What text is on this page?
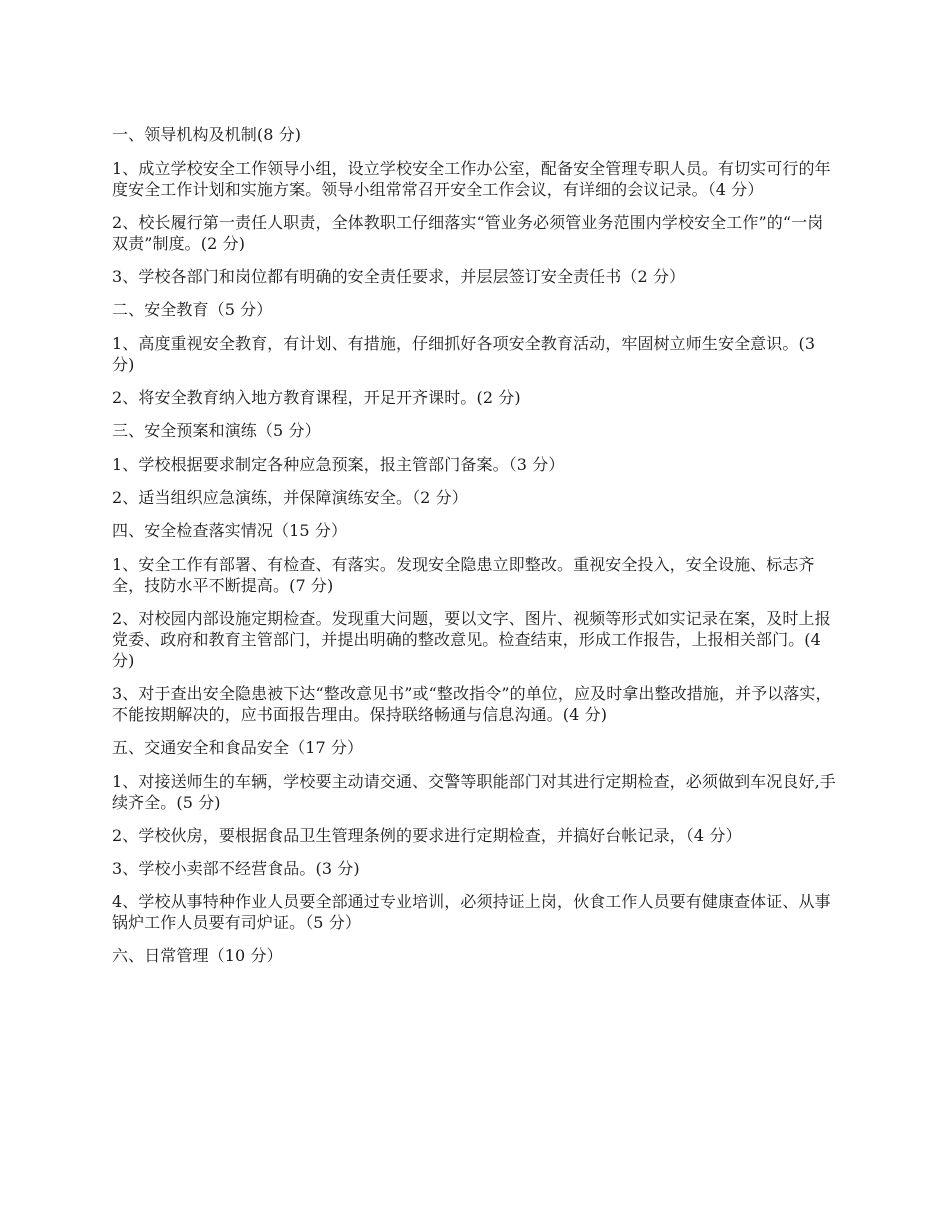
一、领导机构及机制(8 分)

1、成立学校安全工作领导小组，设立学校安全工作办公室，配备安全管理专职人员。有切实可行的年度安全工作计划和实施方案。领导小组常常召开安全工作会议，有详细的会议记录。（4 分）

2、校长履行第一责任人职责，全体教职工仔细落实“管业务必须管业务范围内学校安全工作”的“一岗双责”制度。(2 分)

3、学校各部门和岗位都有明确的安全责任要求，并层层签订安全责任书（2 分）

二、安全教育（5 分）

1、高度重视安全教育，有计划、有措施，仔细抓好各项安全教育活动，牢固树立师生安全意识。(3 分)

2、将安全教育纳入地方教育课程，开足开齐课时。(2 分)

三、安全预案和演练（5 分）

1、学校根据要求制定各种应急预案，报主管部门备案。（3 分）

2、适当组织应急演练，并保障演练安全。（2 分）

四、安全检查落实情况（15 分）

1、安全工作有部署、有检查、有落实。发现安全隐患立即整改。重视安全投入，安全设施、标志齐全，技防水平不断提高。(7 分)

2、对校园内部设施定期检查。发现重大问题，要以文字、图片、视频等形式如实记录在案，及时上报党委、政府和教育主管部门，并提出明确的整改意见。检查结束，形成工作报告，上报相关部门。(4 分)

3、对于查出安全隐患被下达“整改意见书”或“整改指令”的单位，应及时拿出整改措施，并予以落实，不能按期解决的，应书面报告理由。保持联络畅通与信息沟通。(4 分)

五、交通安全和食品安全（17 分）

1、对接送师生的车辆，学校要主动请交通、交警等职能部门对其进行定期检查，必须做到车况良好,手续齐全。(5 分)

2、学校伙房，要根据食品卫生管理条例的要求进行定期检查，并搞好台帐记录，（4 分）

3、学校小卖部不经营食品。(3 分)

4、学校从事特种作业人员要全部通过专业培训，必须持证上岗，伙食工作人员要有健康查体证、从事锅炉工作人员要有司炉证。（5 分）

六、日常管理（10 分）
